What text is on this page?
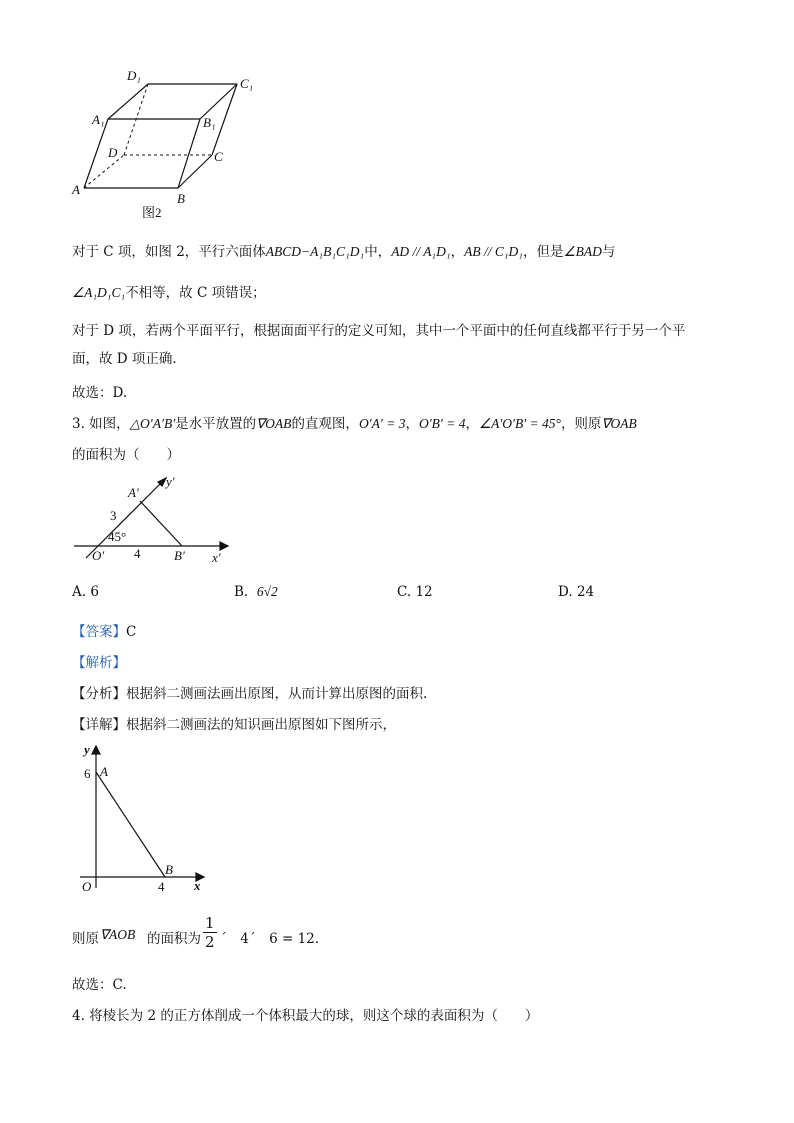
D₁
C₁
A₁	B₁
D	C
A
B
图2
对于 C 项，如图 2，平行六面体ABCD−A₁B₁C₁D₁中，AD // A₁D₁，AB // C₁D₁，但是∠BAD与
∠A₁D₁C₁不相等，故 C 项错误；
对于 D 项，若两个平面平行，根据面面平行的定义可知，其中一个平面中的任何直线都平行于另一个平
面，故 D 项正确.
故选：D.
3. 如图，△O′A′B′是水平放置的∇OAB的直观图，O′A′ = 3，O′B′ = 4，∠A′O′B′ = 45°，则原∇OAB
的面积为（　　）
y′
A′
3
45°
O′ 4	B′ x′
A. 6	B. 6√2	C. 12	D. 24
【答案】C
【解析】
【分析】根据斜二测画法画出原图，从而计算出原图的面积.
【详解】根据斜二测画法的知识画出原图如下图所示，
y
6 A
B
O	4 x
则原 ∇AOB 的面积为 $\frac{1}{2}$ ´　4´　6 = 12.
故选：C.
4. 将棱长为 2 的正方体削成一个体积最大的球，则这个球的表面积为（　　）
